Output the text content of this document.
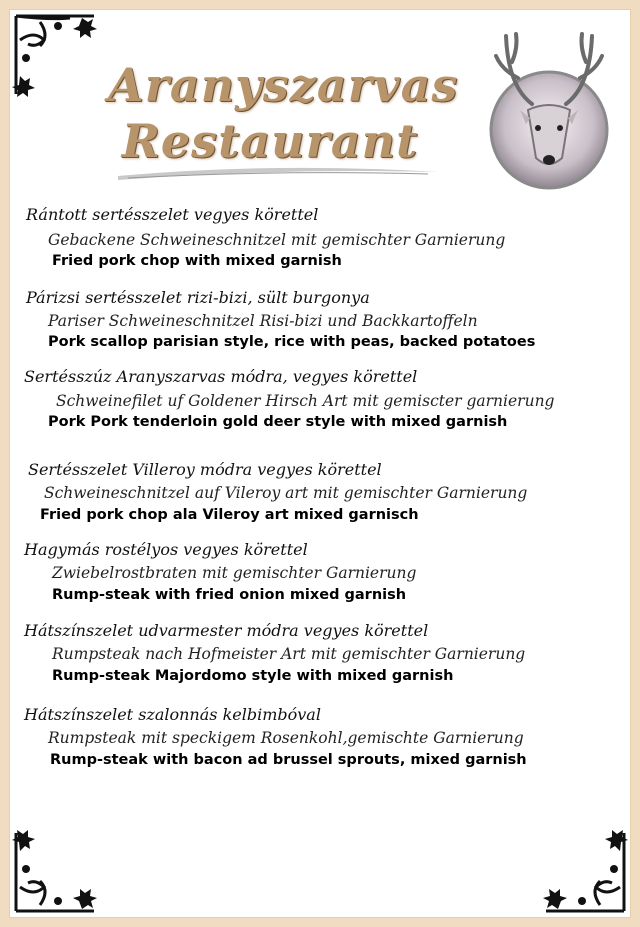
Aranyszarvas
Restaurant
Rántott sertésszelet vegyes körettel
Gebackene Schweineschnitzel mit gemischter Garnierung
Fried pork chop with mixed garnish
Párizsi sertésszelet rizi-bizi, sült burgonya
Pariser Schweineschnitzel Risi-bizi und Backkartoffeln
Pork scallop parisian style, rice with peas, backed potatoes
Sertésszúz Aranyszarvas módra, vegyes körettel
Schweinefilet uf Goldener Hirsch Art mit gemiscter garnierung
Pork Pork tenderloin gold deer style with mixed garnish
Sertésszelet Villeroy módra vegyes körettel
Schweineschnitzel auf Vileroy art mit gemischter Garnierung
Fried pork chop ala Vileroy art mixed garnisch
Hagymás rostélyos vegyes körettel
Zwiebelrostbraten mit gemischter Garnierung
Rump-steak with fried onion mixed garnish
Hátszínszelet udvarmester módra vegyes körettel
Rumpsteak nach Hofmeister Art mit gemischter Garnierung
Rump-steak Majordomo style with mixed garnish
Hátszínszelet szalonnás kelbimbóval
Rumpsteak mit speckigem Rosenkohl,gemischte Garnierung
Rump-steak with bacon ad brussel sprouts, mixed garnish
